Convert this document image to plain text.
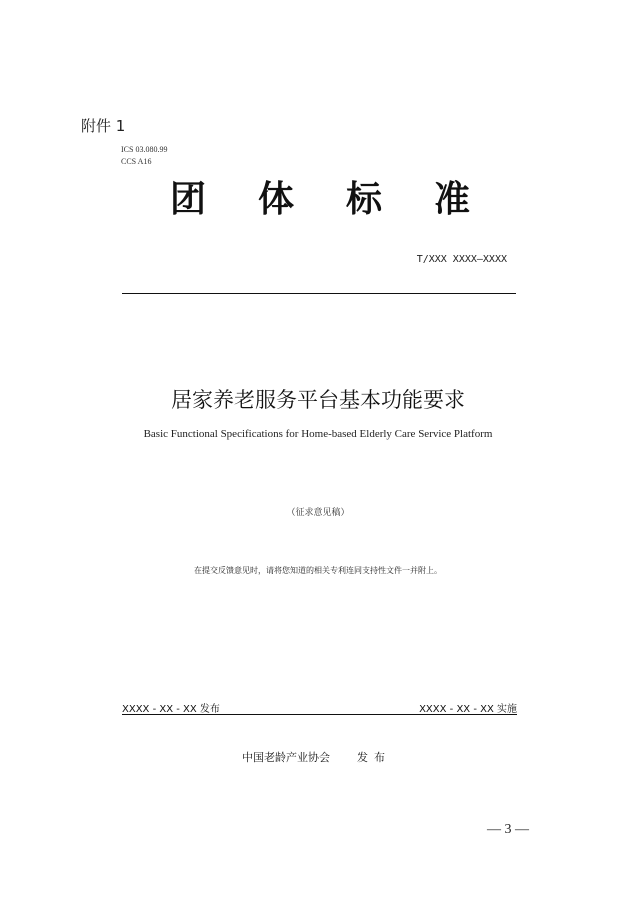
附件 1
ICS 03.080.99
CCS A16
团 体 标 准
T/XXX XXXX—XXXX
居家养老服务平台基本功能要求
Basic Functional Specifications for Home-based Elderly Care Service Platform
（征求意见稿）
在提交反馈意见时，请将您知道的相关专利连同支持性文件一并附上。
XXXX - XX - XX 发布	XXXX - XX - XX 实施
中国老龄产业协会 发布
— 3 —
